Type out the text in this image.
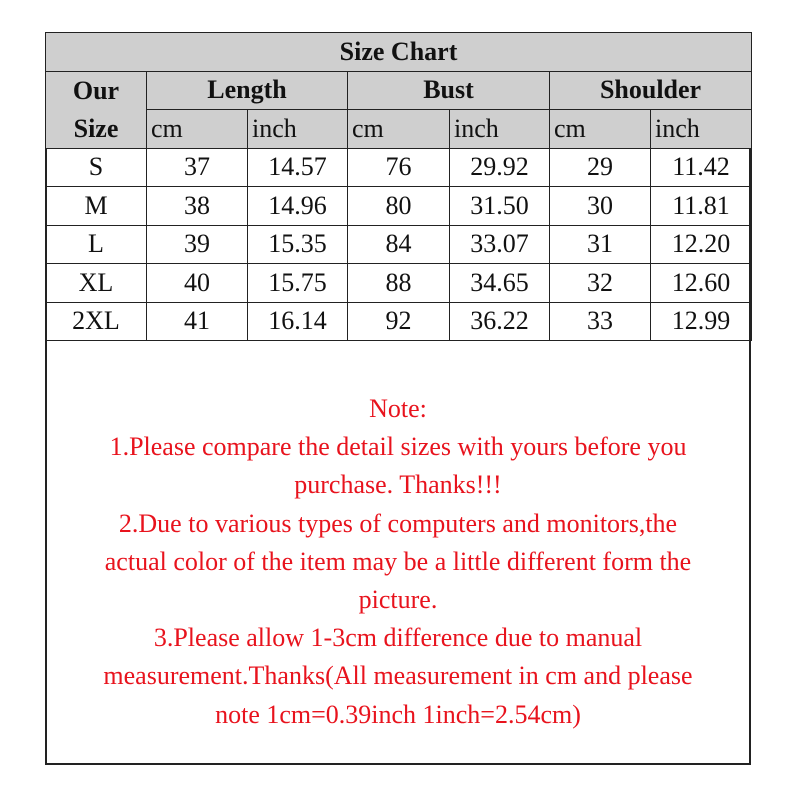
Size Chart						
Our
Size	Length		Bust		Shoulder	
	cm	inch	cm	inch	cm	inch
S	37	14.57	76	29.92	29	11.42
M	38	14.96	80	31.50	30	11.81
L	39	15.35	84	33.07	31	12.20
XL	40	15.75	88	34.65	32	12.60
2XL	41	16.14	92	36.22	33	12.99
Note:
1.Please compare the detail sizes with yours before you
purchase. Thanks!!!
2.Due to various types of computers and monitors,the
actual color of the item may be a little different form the
picture.
3.Please allow 1-3cm difference due to manual
measurement.Thanks(All measurement in cm and please
note 1cm=0.39inch 1inch=2.54cm)
